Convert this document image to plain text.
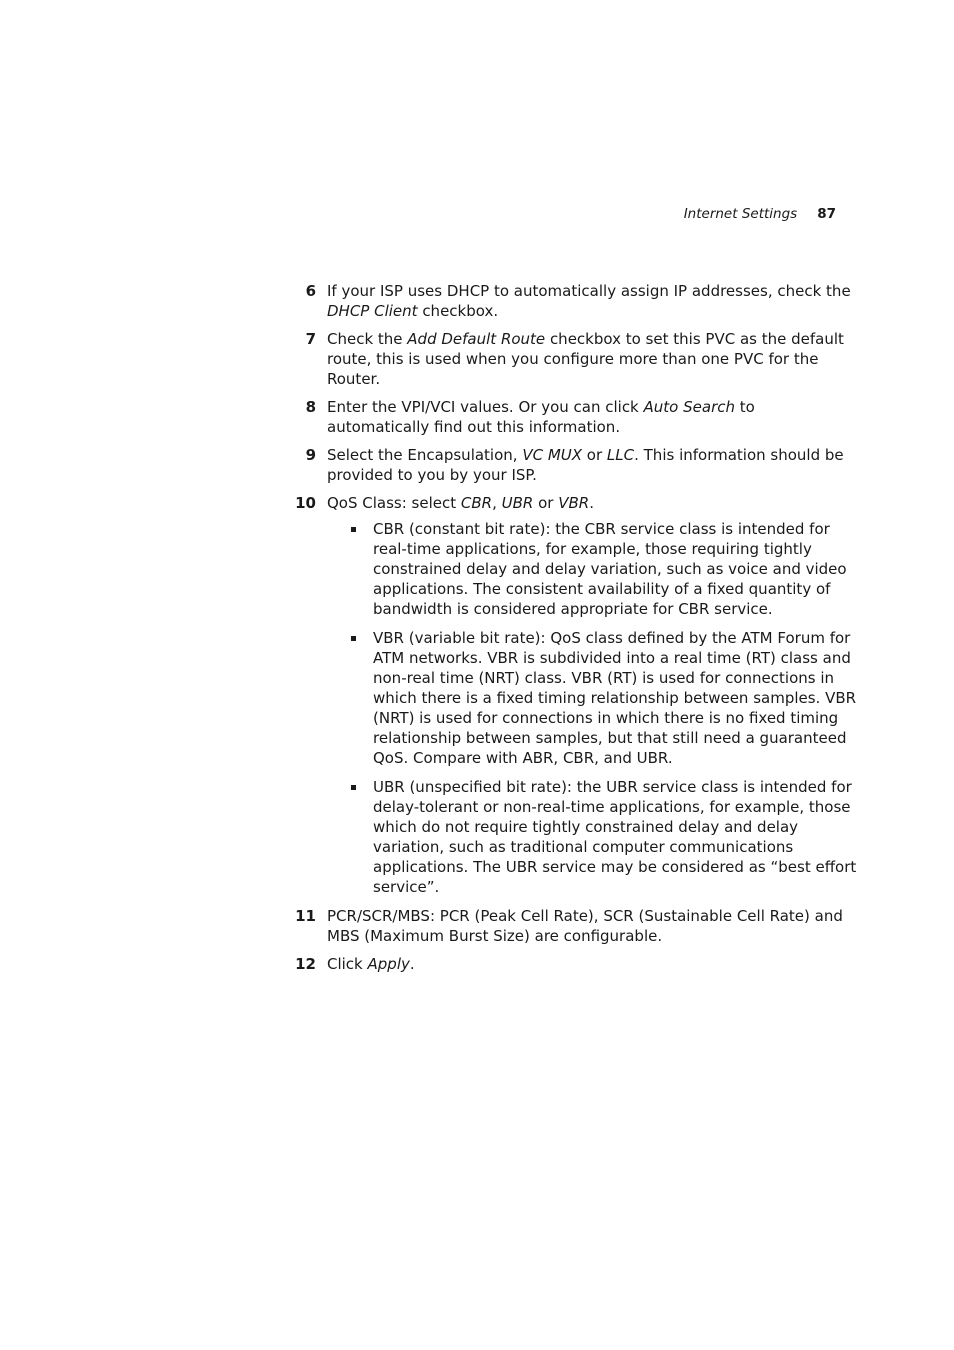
Internet Settings 87
6 If your ISP uses DHCP to automatically assign IP addresses, check the DHCP Client checkbox.
7 Check the Add Default Route checkbox to set this PVC as the default route, this is used when you configure more than one PVC for the Router.
8 Enter the VPI/VCI values. Or you can click Auto Search to automatically find out this information.
9 Select the Encapsulation, VC MUX or LLC. This information should be provided to you by your ISP.
10 QoS Class: select CBR, UBR or VBR.
CBR (constant bit rate): the CBR service class is intended for real-time applications, for example, those requiring tightly constrained delay and delay variation, such as voice and video applications. The consistent availability of a fixed quantity of bandwidth is considered appropriate for CBR service.
VBR (variable bit rate): QoS class defined by the ATM Forum for ATM networks. VBR is subdivided into a real time (RT) class and non-real time (NRT) class. VBR (RT) is used for connections in which there is a fixed timing relationship between samples. VBR (NRT) is used for connections in which there is no fixed timing relationship between samples, but that still need a guaranteed QoS. Compare with ABR, CBR, and UBR.
UBR (unspecified bit rate): the UBR service class is intended for delay-tolerant or non-real-time applications, for example, those which do not require tightly constrained delay and delay variation, such as traditional computer communications applications. The UBR service may be considered as “best effort service”.
11 PCR/SCR/MBS: PCR (Peak Cell Rate), SCR (Sustainable Cell Rate) and MBS (Maximum Burst Size) are configurable.
12 Click Apply.
